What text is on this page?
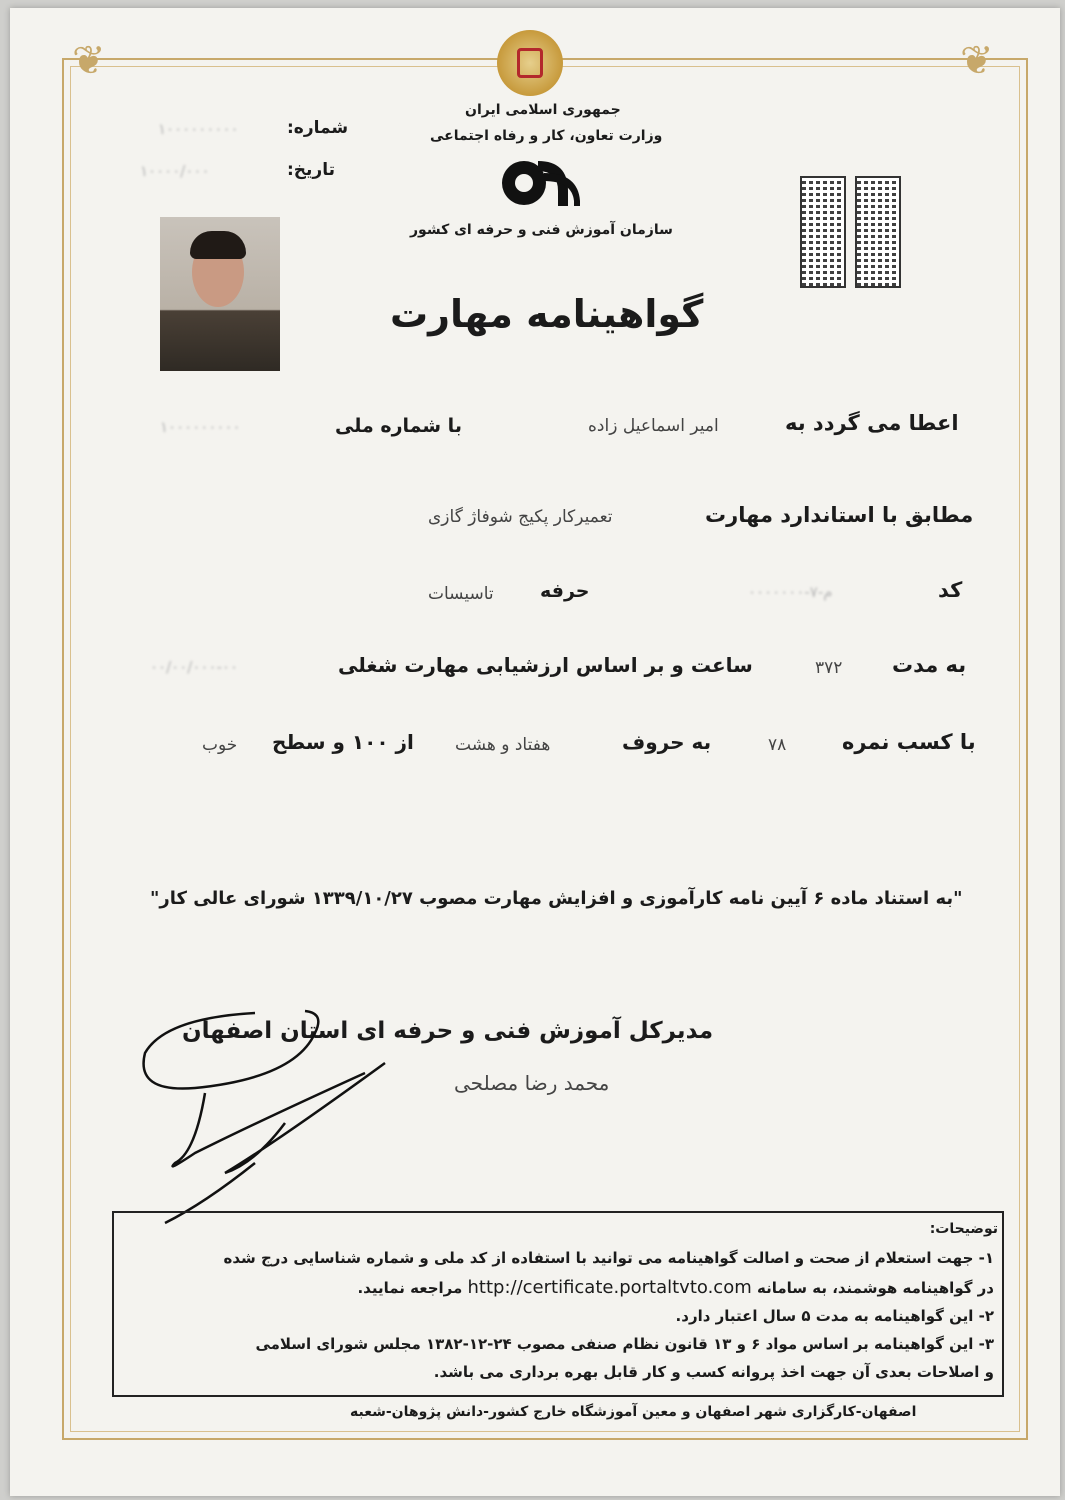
❦	❦
جمهوری اسلامی ایران
وزارت تعاون، کار و رفاه اجتماعی
سازمان آموزش فنی و حرفه ای کشور
شماره:
۱۰۰۰۰۰۰۰۰۰
تاریخ:
۱۰۰۰۰/۰۰۰
گواهینامه مهارت
اعطا می گردد به
امیر اسماعیل زاده
با شماره ملی
۱۰۰۰۰۰۰۰۰۰
مطابق با استاندارد مهارت
تعمیرکار پکیج شوفاژ گازی
کد
۰۰۰۰۰۰۰-۷-م
حرفه
تاسیسات
به مدت
۳۷۲
ساعت و بر اساس ارزشیابی مهارت شغلی
۰۰/۰۰/۰۰۰-۰۰
با کسب نمره
۷۸
به حروف
هفتاد و هشت
از ۱۰۰ و سطح
خوب
"به استناد ماده ۶ آیین نامه کارآموزی و افزایش مهارت مصوب ۱۳۳۹/۱۰/۲۷ شورای عالی کار"
مدیرکل آموزش فنی و حرفه ای استان اصفهان
محمد رضا مصلحی
توضیحات:
۱- جهت استعلام از صحت و اصالت گواهینامه می توانید با استفاده از کد ملی و شماره شناسایی درج شده
در گواهینامه هوشمند، به سامانه http://certificate.portaltvto.com مراجعه نمایید.
۲- این گواهینامه به مدت ۵ سال اعتبار دارد.
۳- این گواهینامه بر اساس مواد ۶ و ۱۳ قانون نظام صنفی مصوب ۲۴-۱۲-۱۳۸۲ مجلس شورای اسلامی
و اصلاحات بعدی آن جهت اخذ پروانه کسب و کار قابل بهره برداری می باشد.
اصفهان-کارگزاری شهر اصفهان و معین آموزشگاه خارج کشور-دانش پژوهان-شعبه
